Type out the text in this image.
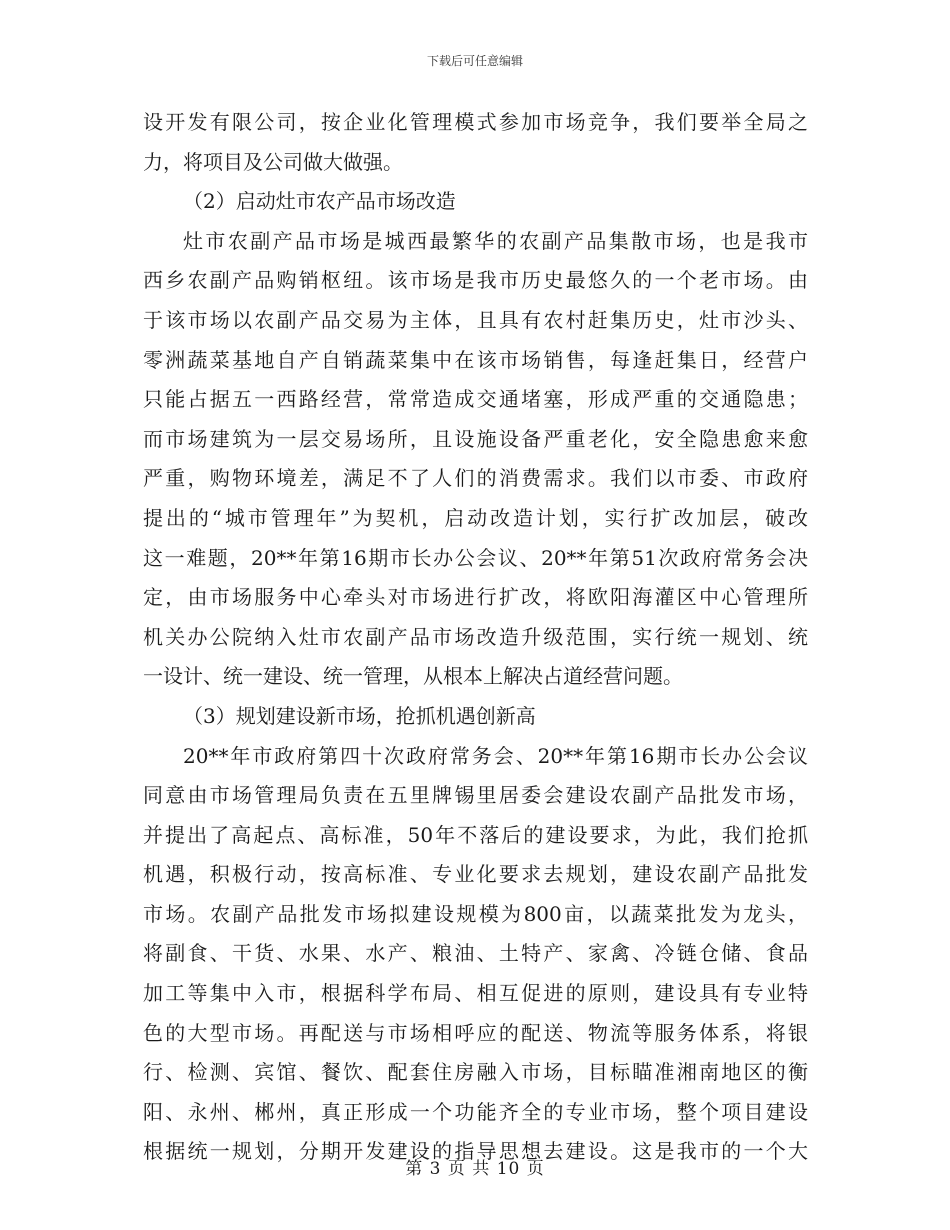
下载后可任意编辑
设开发有限公司，按企业化管理模式参加市场竞争，我们要举全局之
力，将项目及公司做大做强。
（2）启动灶市农产品市场改造
灶市农副产品市场是城西最繁华的农副产品集散市场，也是我市
西乡农副产品购销枢纽。该市场是我市历史最悠久的一个老市场。由
于该市场以农副产品交易为主体，且具有农村赶集历史，灶市沙头、
零洲蔬菜基地自产自销蔬菜集中在该市场销售，每逢赶集日，经营户
只能占据五一西路经营，常常造成交通堵塞，形成严重的交通隐患；
而市场建筑为一层交易场所，且设施设备严重老化，安全隐患愈来愈
严重，购物环境差，满足不了人们的消费需求。我们以市委、市政府
提出的“城市管理年”为契机，启动改造计划，实行扩改加层，破改
这一难题，20**年第16期市长办公会议、20**年第51次政府常务会决
定，由市场服务中心牵头对市场进行扩改，将欧阳海灌区中心管理所
机关办公院纳入灶市农副产品市场改造升级范围，实行统一规划、统
一设计、统一建设、统一管理，从根本上解决占道经营问题。
（3）规划建设新市场，抢抓机遇创新高
20**年市政府第四十次政府常务会、20**年第16期市长办公会议
同意由市场管理局负责在五里牌锡里居委会建设农副产品批发市场，
并提出了高起点、高标准，50年不落后的建设要求，为此，我们抢抓
机遇，积极行动，按高标准、专业化要求去规划，建设农副产品批发
市场。农副产品批发市场拟建设规模为800亩，以蔬菜批发为龙头，
将副食、干货、水果、水产、粮油、土特产、家禽、冷链仓储、食品
加工等集中入市，根据科学布局、相互促进的原则，建设具有专业特
色的大型市场。再配送与市场相呼应的配送、物流等服务体系，将银
行、检测、宾馆、餐饮、配套住房融入市场，目标瞄准湘南地区的衡
阳、永州、郴州，真正形成一个功能齐全的专业市场，整个项目建设
根据统一规划，分期开发建设的指导思想去建设。这是我市的一个大
第 3 页 共 10 页
